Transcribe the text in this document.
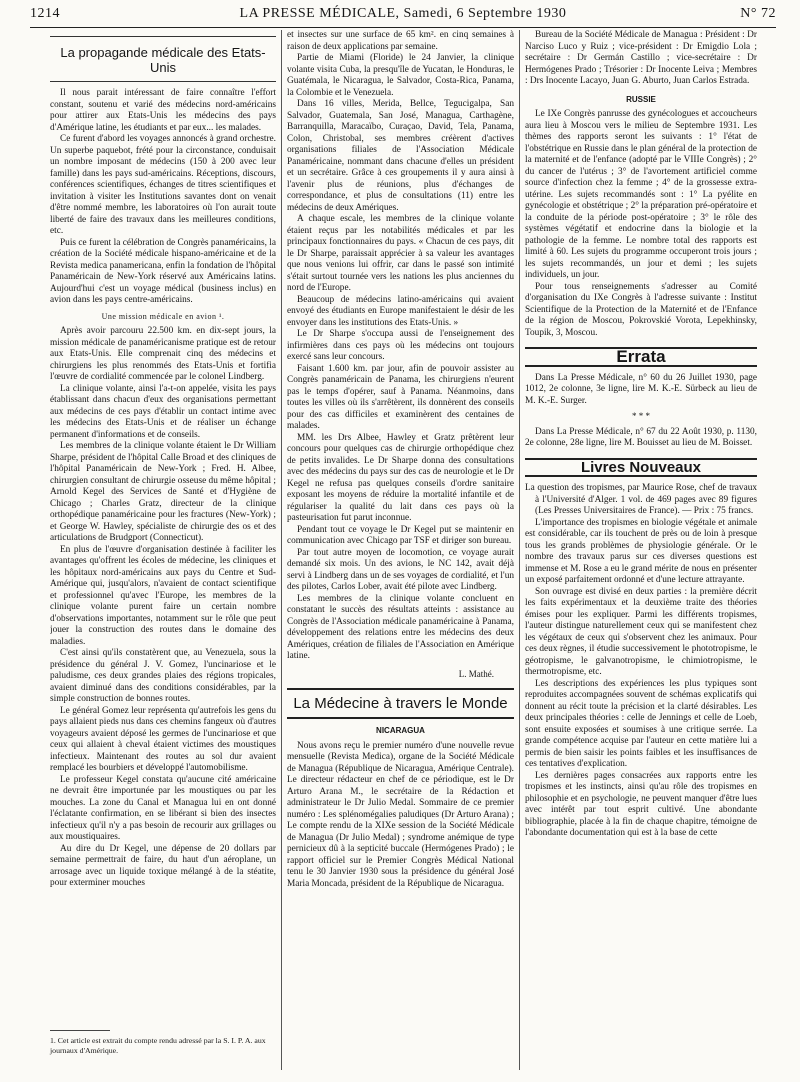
1214	LA PRESSE MÉDICALE, Samedi, 6 Septembre 1930	N° 72
La propagande médicale des Etats-Unis

Il nous parait intéressant de faire connaître l'effort constant, soutenu et varié des médecins nord-américains pour attirer aux Etats-Unis les médecins des pays d'Amérique latine, les étudiants et par eux... les malades.

Ce furent d'abord les voyages annoncés à grand orchestre. Un superbe paquebot, frété pour la circonstance, conduisait un nombre imposant de médecins (150 à 200 avec leur famille) dans les pays sud-américains. Réceptions, discours, conférences scientifiques, échanges de titres scientifiques et invitation à visiter les Institutions savantes dont on venait d'être nommé membre, les laboratoires où l'on aurait toute liberté de faire des travaux dans les meilleures conditions, etc.

Puis ce furent la célébration de Congrès panaméricains, la création de la Société médicale hispano-américaine et de la Revista medica panamericana, enfin la fondation de l'hôpital Panaméricain de New-York réservé aux Américains latins. Aujourd'hui c'est un voyage médical (business inclus) en avion dans les pays centre-américains.

Une mission médicale en avion ¹.

Après avoir parcouru 22.500 km. en dix-sept jours, la mission médicale de panaméricanisme pratique est de retour aux Etats-Unis. Elle comprenait cinq des médecins et chirurgiens les plus renommés des Etats-Unis et fortifia l'œuvre de cordialité commencée par le colonel Lindberg.

La clinique volante, ainsi l'a-t-on appelée, visita les pays établissant dans chacun d'eux des organisations permettant aux médecins de ces pays d'établir un contact intime avec les médecins des Etats-Unis et de réaliser un échange permanent d'informations et de conseils.

Les membres de la clinique volante étaient le Dr William Sharpe, président de l'hôpital Calle Broad et des cliniques de l'hôpital Panaméricain de New-York ; Fred. H. Albee, chirurgien consultant de chirurgie osseuse du même hôpital ; Arnold Kegel des Services de Santé et d'Hygiène de Chicago ; Charles Gratz, directeur de la clinique orthopédique panaméricaine pour les fractures (New-York) ; et George W. Hawley, spécialiste de chirurgie des os et des articulations de Brudgport (Connecticut).

En plus de l'œuvre d'organisation destinée à faciliter les avantages qu'offrent les écoles de médecine, les cliniques et les hôpitaux nord-américains aux pays du Centre et Sud-Amérique qui, jusqu'alors, n'avaient de contact scientifique et professionnel qu'avec l'Europe, les membres de la clinique volante purent faire un certain nombre d'observations importantes, notamment sur le rôle que peut jouer la construction des routes dans le domaine des maladies.

C'est ainsi qu'ils constatèrent que, au Venezuela, sous la présidence du général J. V. Gomez, l'uncinariose et le paludisme, ces deux grandes plaies des régions tropicales, avaient diminué dans des conditions considérables, par la simple construction de bonnes routes.

Le général Gomez leur représenta qu'autrefois les gens du pays allaient pieds nus dans ces chemins fangeux où d'autres voyageurs avaient déposé les germes de l'uncinariose et que ceux qui allaient à cheval étaient victimes des moustiques infectieux. Maintenant des routes au sol dur avaient remplacé les bourbiers et développé l'automobilisme.

Le professeur Kegel constata qu'aucune cité américaine ne devrait être importunée par les moustiques ou par les mouches. La zone du Canal et Managua lui en ont donné l'éclatante confirmation, en se libérant si bien des insectes infectieux qu'il n'y a pas besoin de recourir aux grillages ou aux moustiquaires.

Au dire du Dr Kegel, une dépense de 20 dollars par semaine permettrait de faire, du haut d'un aéroplane, un arrosage avec un liquide toxique mélangé à de la stéatite, pour exterminer mouches

1. Cet article est extrait du compte rendu adressé par la S. I. P. A. aux journaux d'Amérique.

et insectes sur une surface de 65 km². en cinq semaines à raison de deux applications par semaine.

Partie de Miami (Floride) le 24 Janvier, la clinique volante visita Cuba, la presqu'île de Yucatan, le Honduras, le Guatémala, le Nicaragua, le Salvador, Costa-Rica, Panama, la Colombie et le Venezuela.

Dans 16 villes, Merida, Bellce, Tegucigalpa, San Salvador, Guatemala, San José, Managua, Carthagène, Barranquilla, Maracaïbo, Curaçao, David, Tela, Panama, Colon, Christobal, ses membres créèrent d'actives organisations filiales de l'Association Médicale Panaméricaine, nommant dans chacune d'elles un président et un secrétaire. Grâce à ces groupements il y aura ainsi à l'avenir plus de réunions, plus d'échanges de correspondance, et plus de consultations (11) entre les médecins de deux Amériques.

A chaque escale, les membres de la clinique volante étaient reçus par les notabilités médicales et par les principaux fonctionnaires du pays. « Chacun de ces pays, dit le Dr Sharpe, paraissait apprécier à sa valeur les avantages que nous venions lui offrir, car dans le passé son intimité s'était surtout tournée vers les nations les plus anciennes du nord de l'Europe.

Beaucoup de médecins latino-américains qui avaient envoyé des étudiants en Europe manifestaient le désir de les envoyer dans les institutions des Etats-Unis. »

Le Dr Sharpe s'occupa aussi de l'enseignement des infirmières dans ces pays où les médecins ont toujours exercé sans leur concours.

Faisant 1.600 km. par jour, afin de pouvoir assister au Congrès panaméricain de Panama, les chirurgiens n'eurent pas le temps d'opérer, sauf à Panama. Néanmoins, dans toutes les villes où ils s'arrêtèrent, ils donnèrent des conseils pour des cas difficiles et examinèrent des centaines de malades.

MM. les Drs Albee, Hawley et Gratz prêtèrent leur concours pour quelques cas de chirurgie orthopédique chez de petits invalides. Le Dr Sharpe donna des consultations avec des médecins du pays sur des cas de neurologie et le Dr Kegel ne refusa pas quelques conseils d'ordre sanitaire exposant les moyens de réduire la mortalité infantile et de régulariser la qualité du lait dans ces pays où la pasteurisation fut parut inconnue.

Pendant tout ce voyage le Dr Kegel put se maintenir en communication avec Chicago par TSF et diriger son bureau.

Par tout autre moyen de locomotion, ce voyage aurait demandé six mois. Un des avions, le NC 142, avait déjà servi à Lindberg dans un de ses voyages de cordialité, et l'un des pilotes, Carlos Lober, avait été pilote avec Lindberg.

Les membres de la clinique volante concluent en constatant le succès des résultats atteints : assistance au Congrès de l'Association médicale panaméricaine à Panama, développement des relations entre les médecins des deux Amériques, création de filiales de l'Association en Amérique latine.

L. Mathé.
La Médecine à travers le Monde
NICARAGUA

Nous avons reçu le premier numéro d'une nouvelle revue mensuelle (Revista Medica), organe de la Société Médicale de Managua (République de Nicaragua, Amérique Centrale). Le directeur rédacteur en chef de ce périodique, est le Dr Arturo Arana M., le secrétaire de la Rédaction et administrateur le Dr Julio Medal. Sommaire de ce premier numéro : Les splénomégalies paludiques (Dr Arturo Arana) ; Le compte rendu de la XIXe session de la Société Médicale de Managua (Dr Julio Medal) ; syndrome anémique de type pernicieux dû à la septicité buccale (Hermógenes Prado) ; le rapport officiel sur le Premier Congrès Médical National tenu le 30 Janvier 1930 sous la présidence du général José Maria Moncada, président de la République de Nicaragua.

Bureau de la Société Médicale de Managua : Président : Dr Narciso Luco y Ruiz ; vice-président : Dr Emigdio Lola ; secrétaire : Dr Germán Castillo ; vice-secrétaire : Dr Hermógenes Prado ; Trésorier : Dr Inocente Leiva ; Membres : Drs Inocente Lacayo, Juan G. Aburto, Juan Carlos Estrada.

RUSSIE

Le IXe Congrès panrusse des gynécologues et accoucheurs aura lieu à Moscou vers le milieu de Septembre 1931. Les thèmes des rapports seront les suivants : 1° l'état de l'obstétrique en Russie dans le plan général de la protection de la maternité et de l'enfance (adopté par le VIIIe Congrès) ; 2° du cancer de l'utérus ; 3° de l'avortement artificiel comme source d'infection chez la femme ; 4° de la grossesse extra-utérine. Les sujets recommandés sont : 1° La pyélite en gynécologie et obstétrique ; 2° la préparation pré-opératoire et la conduite de la période post-opératoire ; 3° le rôle des systèmes végétatif et endocrine dans la biologie et la pathologie de la femme. Le nombre total des rapports est limité à 60. Les sujets du programme occuperont trois jours ; les sujets recommandés, un jour et demi ; les sujets individuels, un jour.

Pour tous renseignements s'adresser au Comité d'organisation du IXe Congrès à l'adresse suivante : Institut Scientifique de la Protection de la Maternité et de l'Enfance de la région de Moscou, Pokrovskié Vorota, Lepekhinsky, Toupik, 3, Moscou.

Errata

Dans La Presse Médicale, n° 60 du 26 Juillet 1930, page 1012, 2e colonne, 3e ligne, lire M. K.-E. Sürbeck au lieu de M. K.-E. Surger.

* * *

Dans La Presse Médicale, n° 67 du 22 Août 1930, p. 1130, 2e colonne, 28e ligne, lire M. Bouisset au lieu de M. Boisset.

Livres Nouveaux

La question des tropismes, par Maurice Rose, chef de travaux à l'Université d'Alger. 1 vol. de 469 pages avec 89 figures (Les Presses Universitaires de France). — Prix : 75 francs.

L'importance des tropismes en biologie végétale et animale est considérable, car ils touchent de près ou de loin à presque tous les grands problèmes de physiologie générale. Or le nombre des travaux parus sur ces diverses questions est immense et M. Rose a eu le grand mérite de nous en présenter un exposé parfaitement ordonné et d'une lecture attrayante.

Son ouvrage est divisé en deux parties : la première décrit les faits expérimentaux et la deuxième traite des théories émises pour les expliquer. Parmi les différents tropismes, l'auteur distingue naturellement ceux qui se manifestent chez les végétaux de ceux qui s'observent chez les animaux. Pour ces deux règnes, il étudie successivement le phototropisme, le géotropisme, le galvanotropisme, le chimiotropisme, le thermotropisme, etc.

Les descriptions des expériences les plus typiques sont reproduites accompagnées souvent de schémas explicatifs qui donnent au récit toute la précision et la clarté désirables. Les deux principales théories : celle de Jennings et celle de Loeb, sont ensuite exposées et soumises à une critique serrée. La grande compétence acquise par l'auteur en cette matière lui a permis de bien saisir les points faibles et les insuffisances de ces tentatives d'explication.

Les dernières pages consacrées aux rapports entre les tropismes et les instincts, ainsi qu'au rôle des tropismes en philosophie et en psychologie, ne peuvent manquer d'être lues avec intérêt par tout esprit cultivé. Une abondante bibliographie, placée à la fin de chaque chapitre, témoigne de l'abondante documentation qui est à la base de cette
